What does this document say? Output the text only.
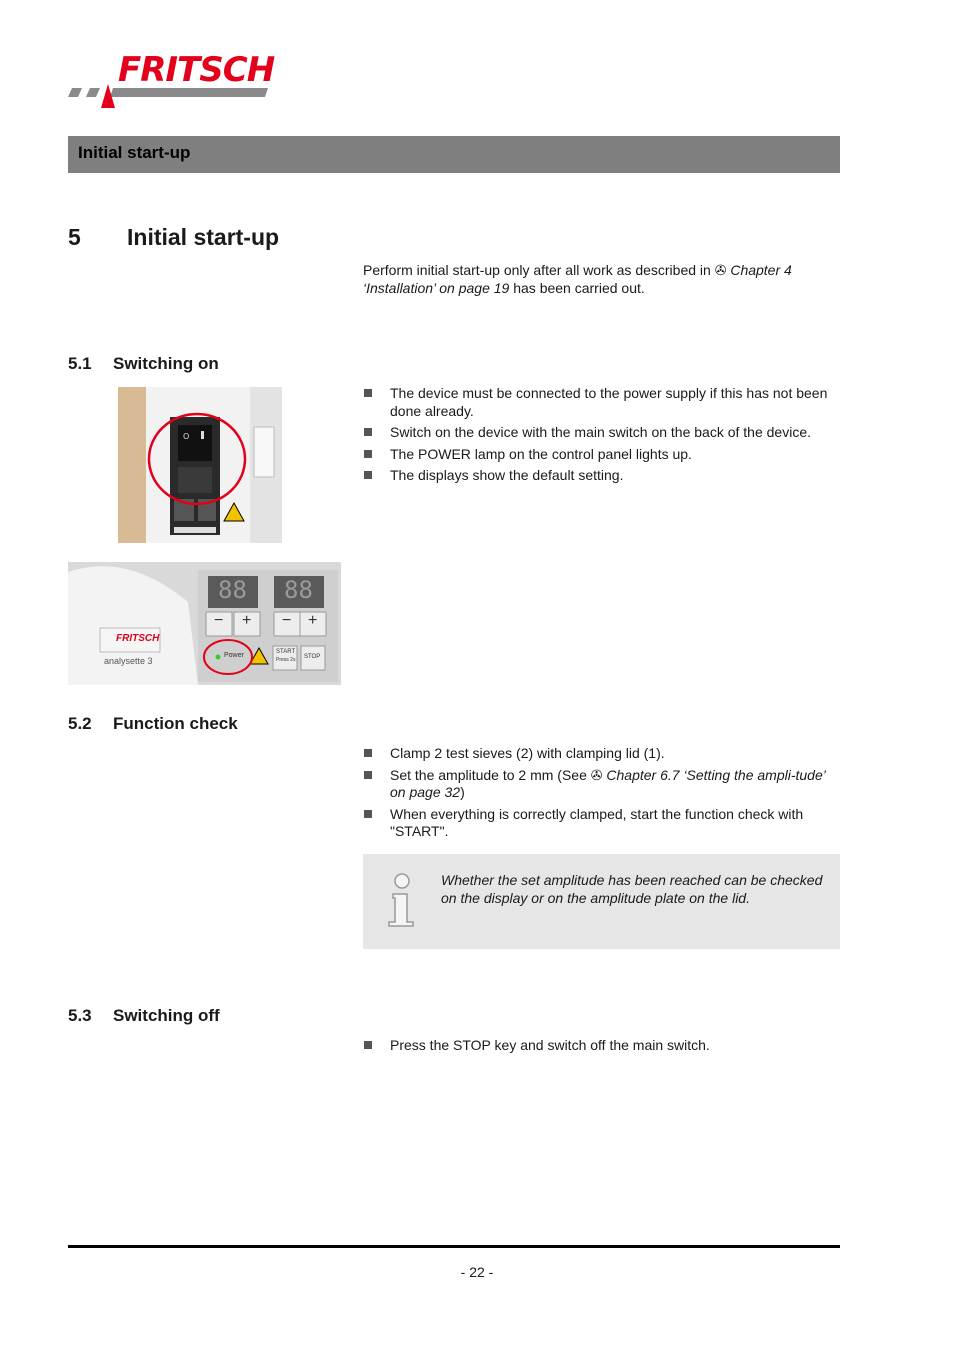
FRITSCH
Initial start-up
5 Initial start-up
Perform initial start-up only after all work as described in ✇ Chapter 4
‘Installation’ on page 19 has been carried out.
5.1 Switching on
O
88 88
− + − +
FRITSCH
analysette 3
Power	START
Press 2s STOP
The device must be connected to the power supply if this has not been done already.
Switch on the device with the main switch on the back of the device.
The POWER lamp on the control panel lights up.
The displays show the default setting.
5.2 Function check
Clamp 2 test sieves (2) with clamping lid (1).
Set the amplitude to 2 mm (See ✇ Chapter 6.7 ‘Setting the ampli-tude’ on page 32)
When everything is correctly clamped, start the function check with "START".
Whether the set amplitude has been reached can be checked on the display or on the amplitude plate on the lid.
5.3 Switching off
Press the STOP key and switch off the main switch.
- 22 -
